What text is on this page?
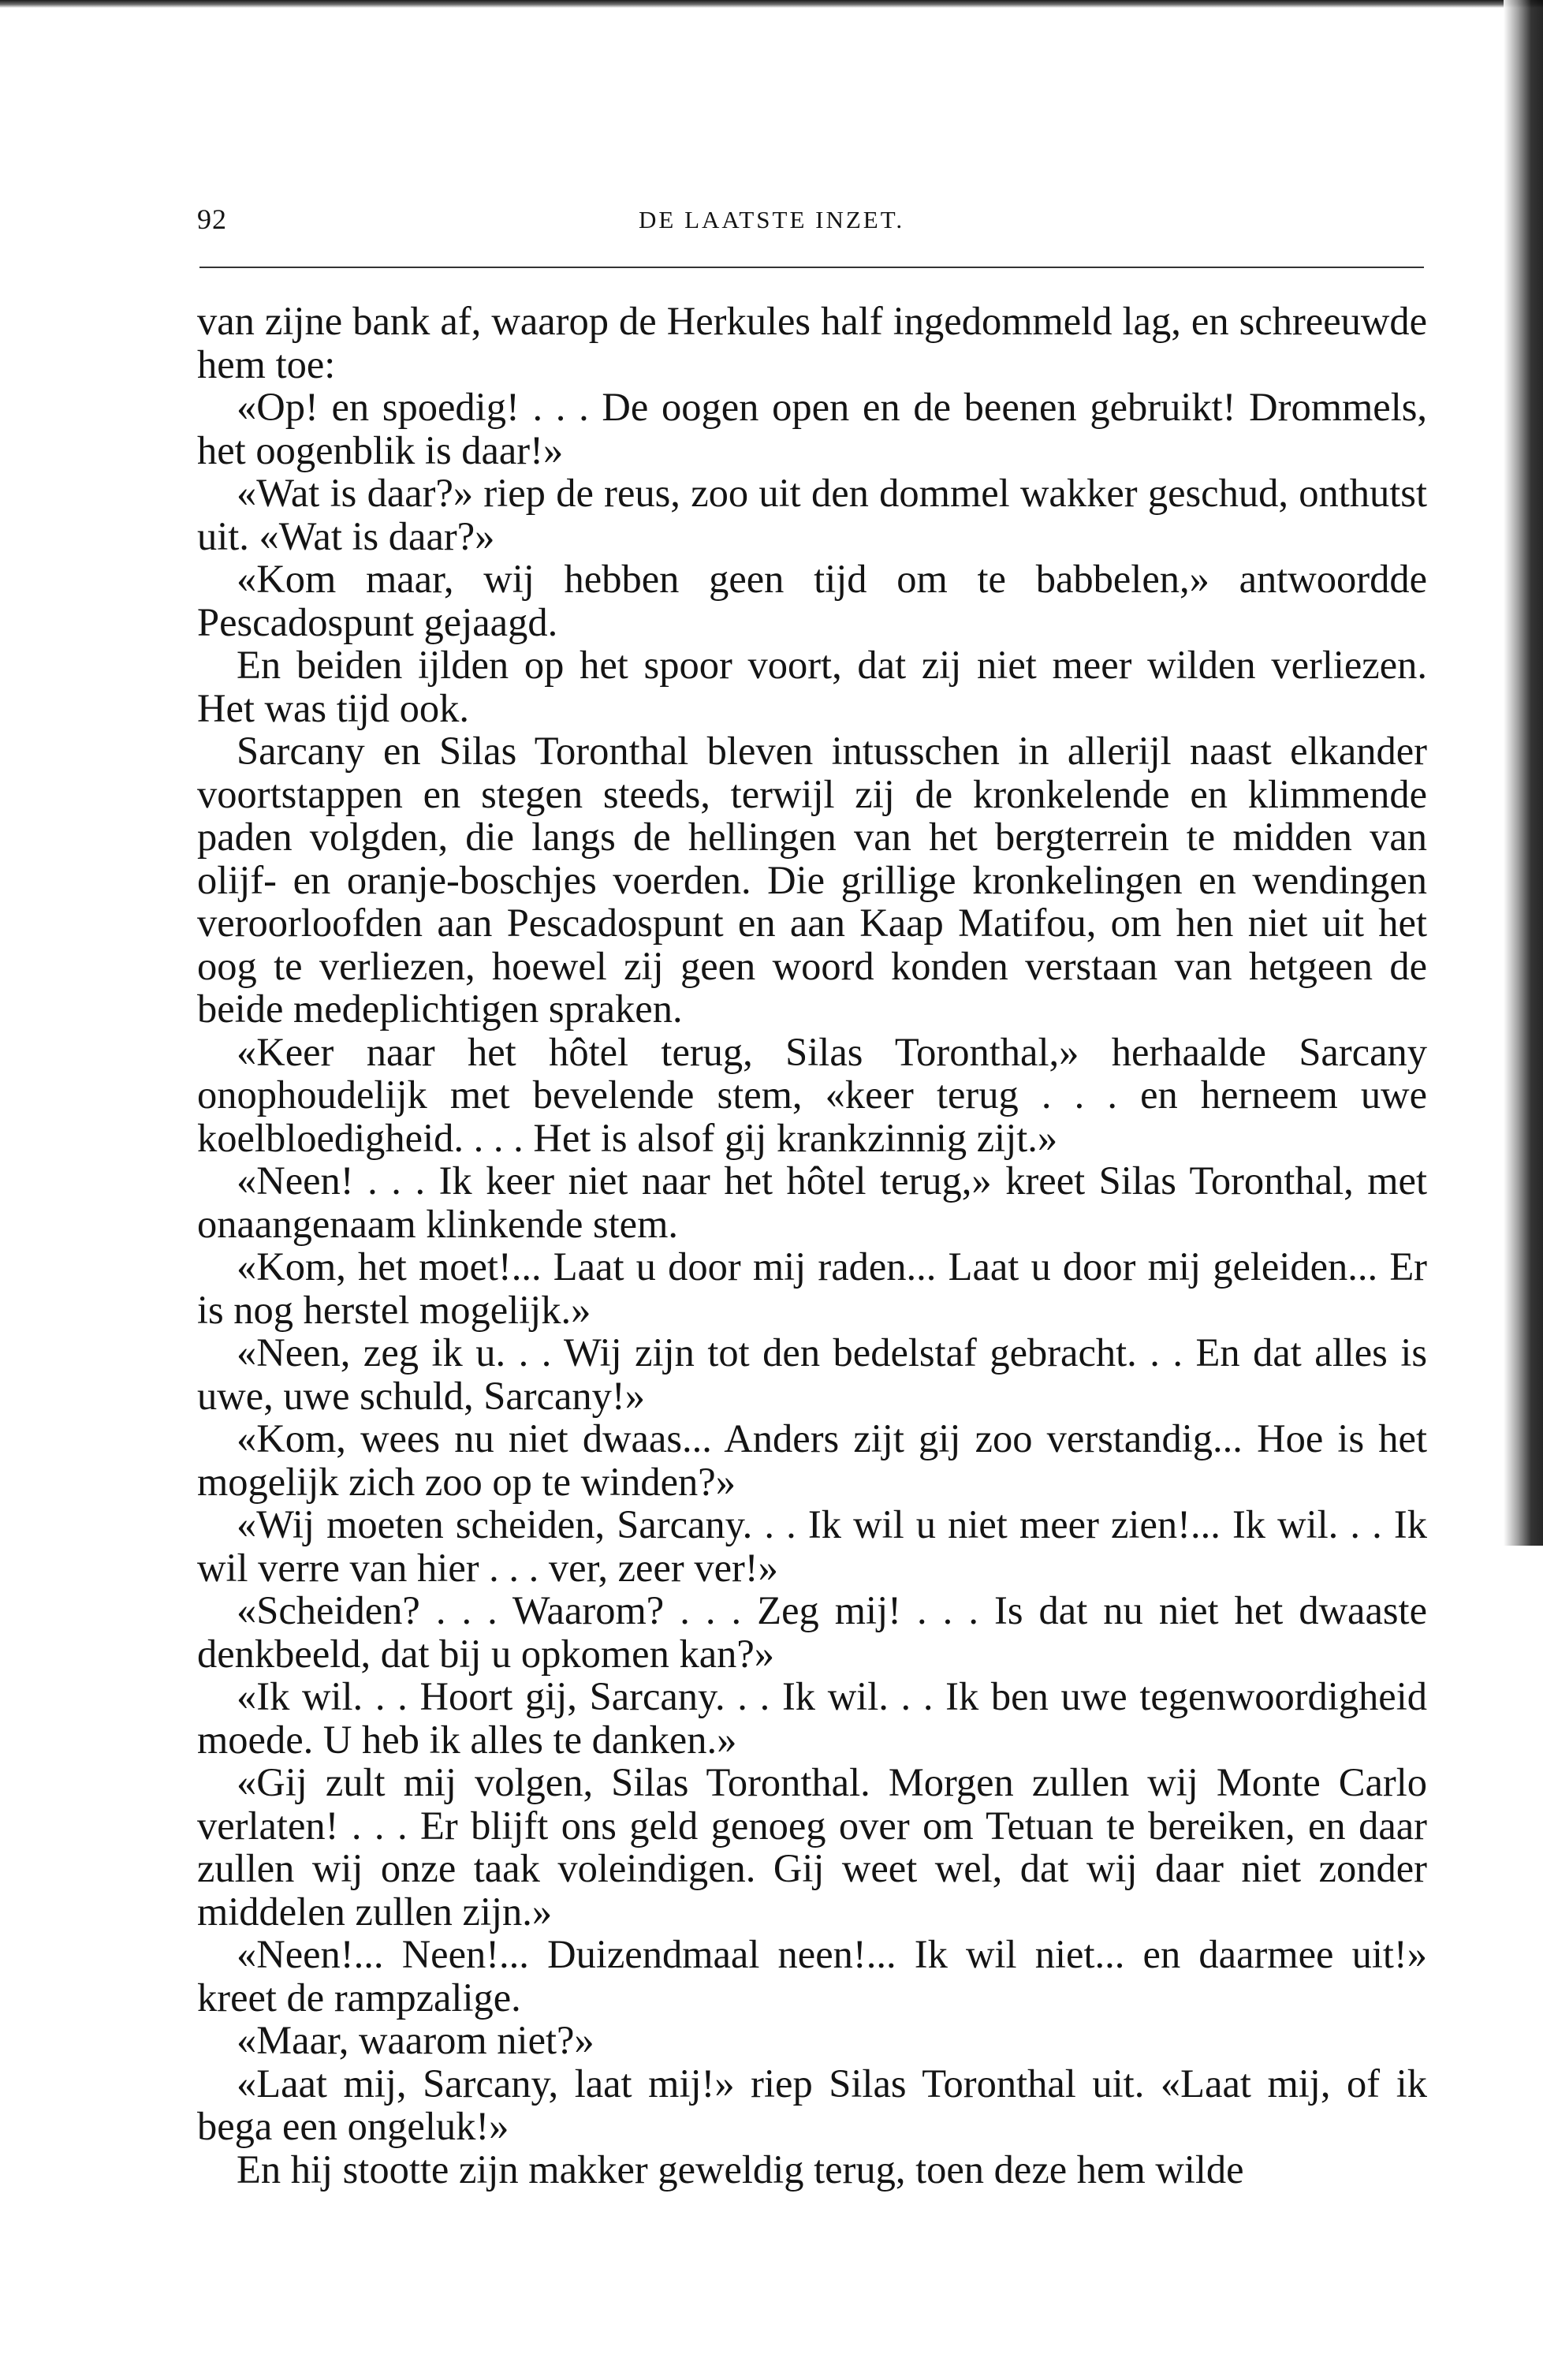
92	DE LAATSTE INZET.

van zijne bank af, waarop de Herkules half ingedommeld lag, en schreeuwde hem toe:

«Op! en spoedig! . . . De oogen open en de beenen gebruikt! Drommels, het oogenblik is daar!»

«Wat is daar?» riep de reus, zoo uit den dommel wakker geschud, onthutst uit. «Wat is daar?»

«Kom maar, wij hebben geen tijd om te babbelen,» antwoordde Pescadospunt gejaagd.

En beiden ijlden op het spoor voort, dat zij niet meer wilden verliezen. Het was tijd ook.

Sarcany en Silas Toronthal bleven intusschen in allerijl naast elkander voortstappen en stegen steeds, terwijl zij de kronkelende en klimmende paden volgden, die langs de hellingen van het bergterrein te midden van olijf- en oranje-boschjes voerden. Die grillige kronkelingen en wendingen veroorloofden aan Pescadospunt en aan Kaap Matifou, om hen niet uit het oog te verliezen, hoewel zij geen woord konden verstaan van hetgeen de beide medeplichtigen spraken.

«Keer naar het hôtel terug, Silas Toronthal,» herhaalde Sarcany onophoudelijk met bevelende stem, «keer terug . . . en herneem uwe koelbloedigheid. . . . Het is alsof gij krankzinnig zijt.»

«Neen! . . . Ik keer niet naar het hôtel terug,» kreet Silas Toronthal, met onaangenaam klinkende stem.

«Kom, het moet!... Laat u door mij raden... Laat u door mij geleiden... Er is nog herstel mogelijk.»

«Neen, zeg ik u. . . Wij zijn tot den bedelstaf gebracht. . . En dat alles is uwe, uwe schuld, Sarcany!»

«Kom, wees nu niet dwaas... Anders zijt gij zoo verstandig... Hoe is het mogelijk zich zoo op te winden?»

«Wij moeten scheiden, Sarcany. . . Ik wil u niet meer zien!... Ik wil. . . Ik wil verre van hier . . . ver, zeer ver!»

«Scheiden? . . . Waarom? . . . Zeg mij! . . . Is dat nu niet het dwaaste denkbeeld, dat bij u opkomen kan?»

«Ik wil. . . Hoort gij, Sarcany. . . Ik wil. . . Ik ben uwe tegenwoordigheid moede. U heb ik alles te danken.»

«Gij zult mij volgen, Silas Toronthal. Morgen zullen wij Monte Carlo verlaten! . . . Er blijft ons geld genoeg over om Tetuan te bereiken, en daar zullen wij onze taak voleindigen. Gij weet wel, dat wij daar niet zonder middelen zullen zijn.»

«Neen!... Neen!... Duizendmaal neen!... Ik wil niet... en daarmee uit!» kreet de rampzalige.

«Maar, waarom niet?»

«Laat mij, Sarcany, laat mij!» riep Silas Toronthal uit. «Laat mij, of ik bega een ongeluk!»

En hij stootte zijn makker geweldig terug, toen deze hem wilde
